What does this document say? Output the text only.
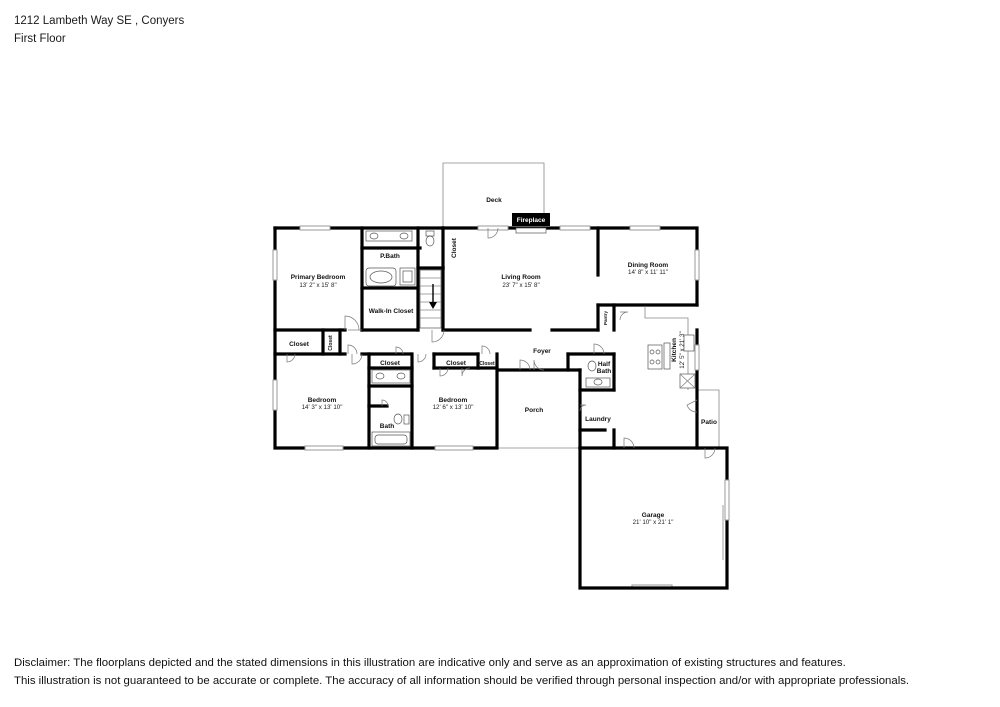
1212 Lambeth Way SE , Conyers
First Floor
Fireplace
Deck
P.Bath
Primary Bedroom
13' 2" x 15' 8"
Closet
Living Room
23' 7" x 15' 8"
Dining Room
14' 8" x 11' 11"
Walk-In Closet	Pantry
Closet	Closet
Closet	Closet	Closet
Foyer	Kitchen 12' 5" x 21' 3"
Half
Bath
Bedroom
14' 3" x 13' 10"
Bedroom
12' 6" x 13' 10"	Porch
Laundry	Patio
Bath
Garage
21' 10" x 21' 1"
Disclaimer: The floorplans depicted and the stated dimensions in this illustration are indicative only and serve as an approximation of existing structures and features.
This illustration is not guaranteed to be accurate or complete. The accuracy of all information should be verified through personal inspection and/or with appropriate professionals.
